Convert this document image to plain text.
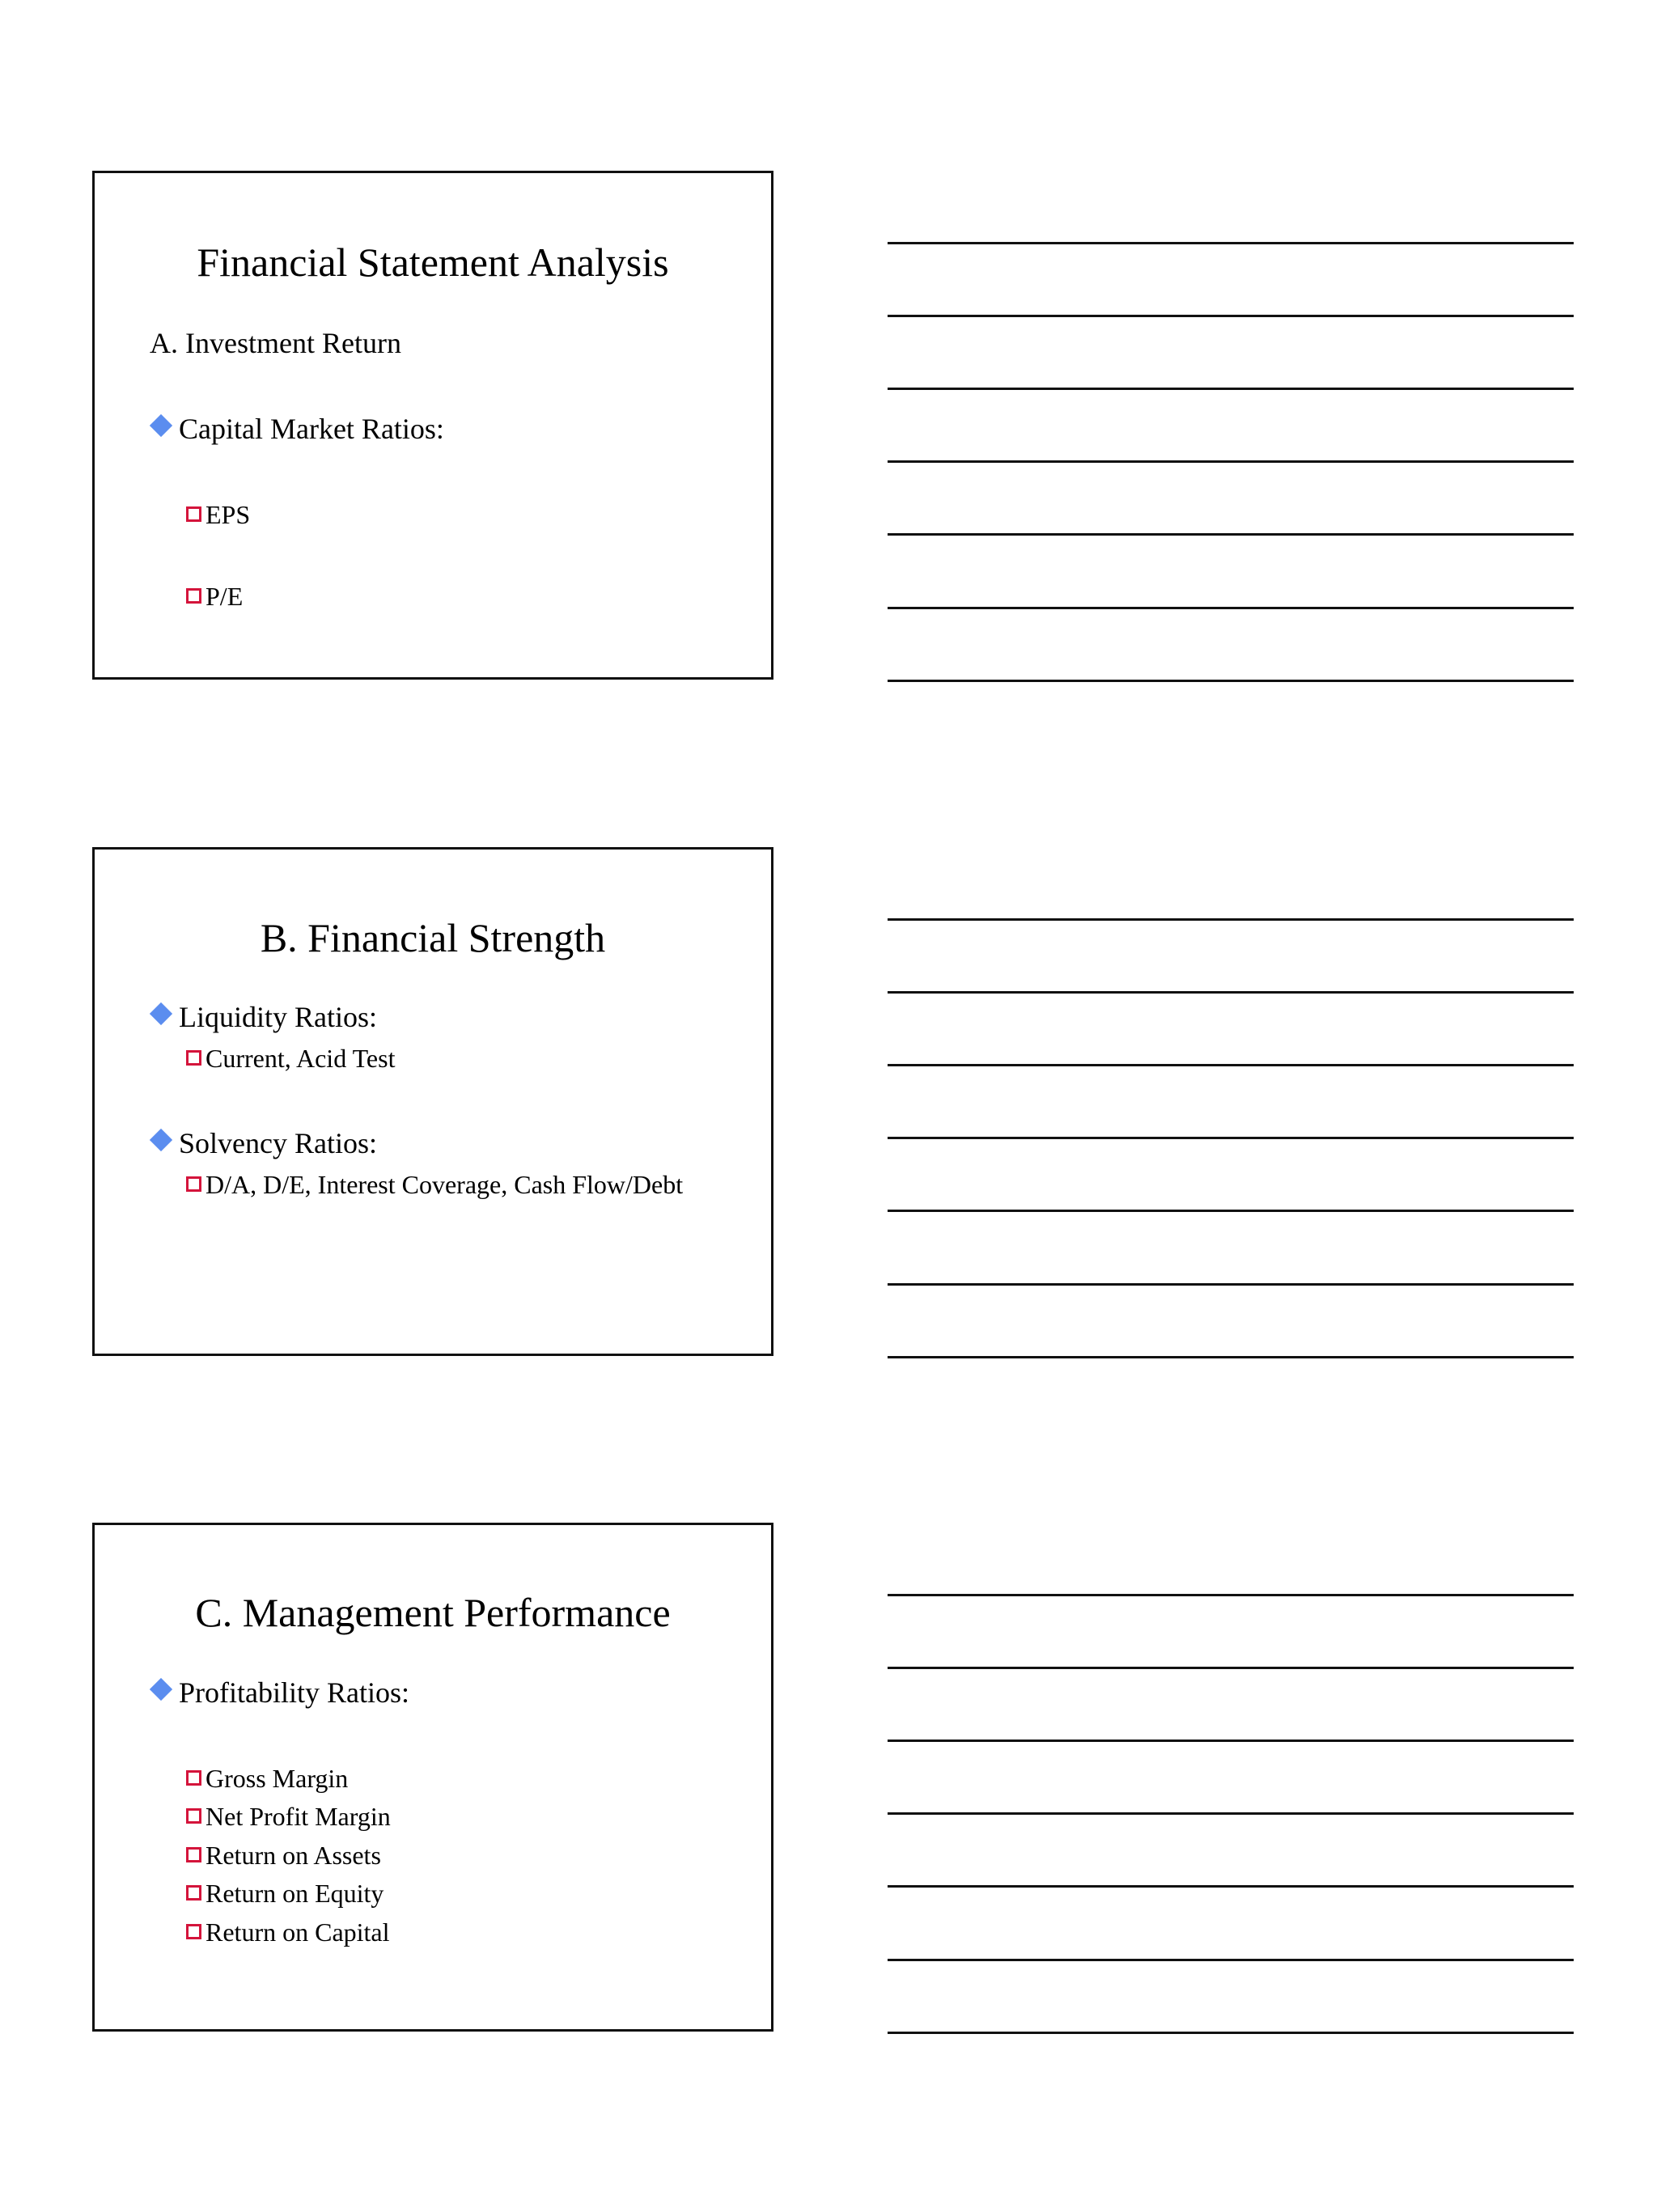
Financial Statement Analysis
A. Investment Return
Capital Market Ratios:
EPS
P/E
B. Financial Strength
Liquidity Ratios:
Current, Acid Test
Solvency Ratios:
D/A, D/E, Interest Coverage, Cash Flow/Debt
C. Management Performance
Profitability Ratios:
Gross Margin
Net Profit Margin
Return on Assets
Return on Equity
Return on Capital
